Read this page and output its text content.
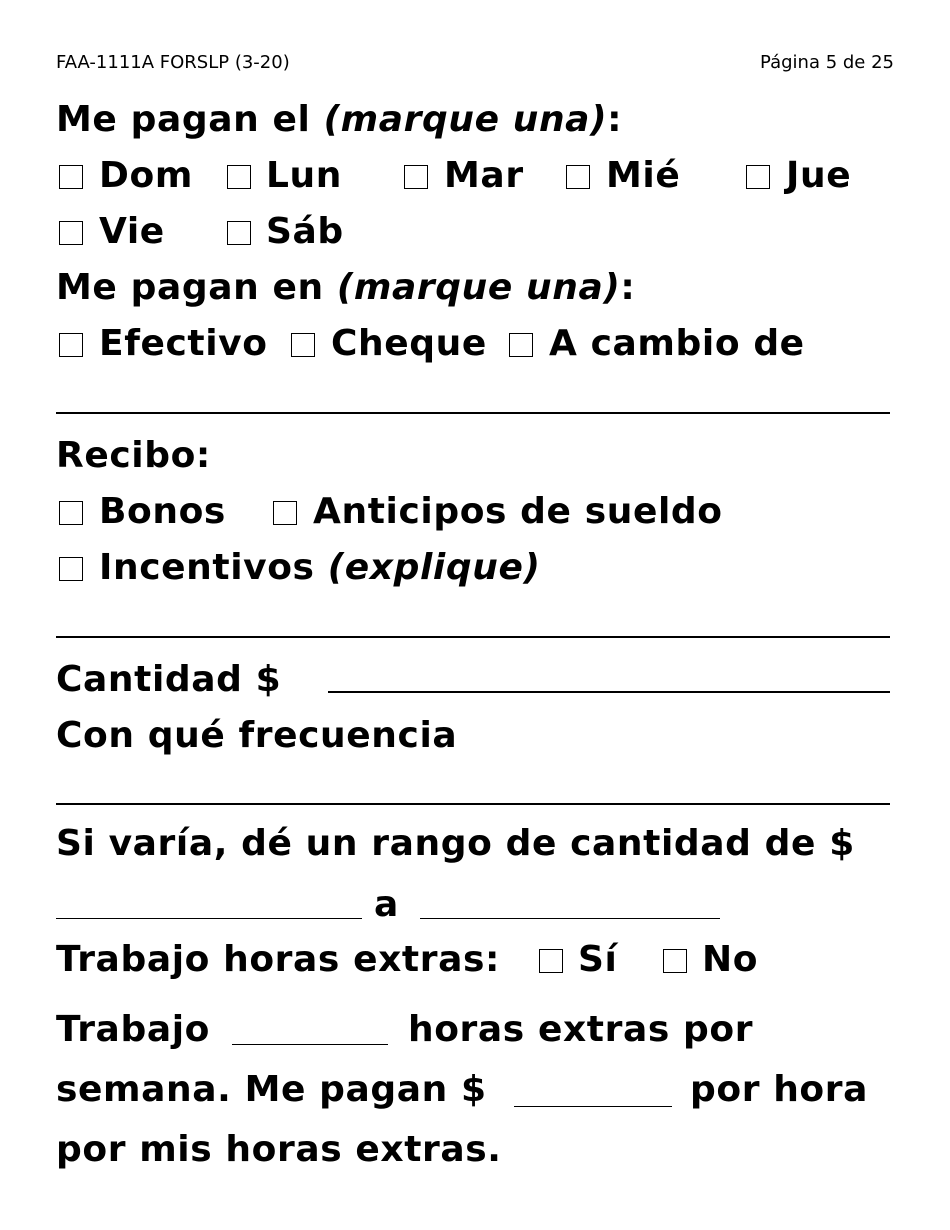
FAA-1111A FORSLP (3-20)	Página 5 de 25
Me pagan el (marque una):
Dom Lun	Mar Mié	Jue
Vie	Sáb
Me pagan en (marque una):
Efectivo Cheque A cambio de
Recibo:
Bonos Anticipos de sueldo
Incentivos (explique)
Cantidad $
Con qué frecuencia
Si varía, dé un rango de cantidad de $
a
Trabajo horas extras: Sí No
Trabajo	horas extras por
semana. Me pagan $	por hora
por mis horas extras.
